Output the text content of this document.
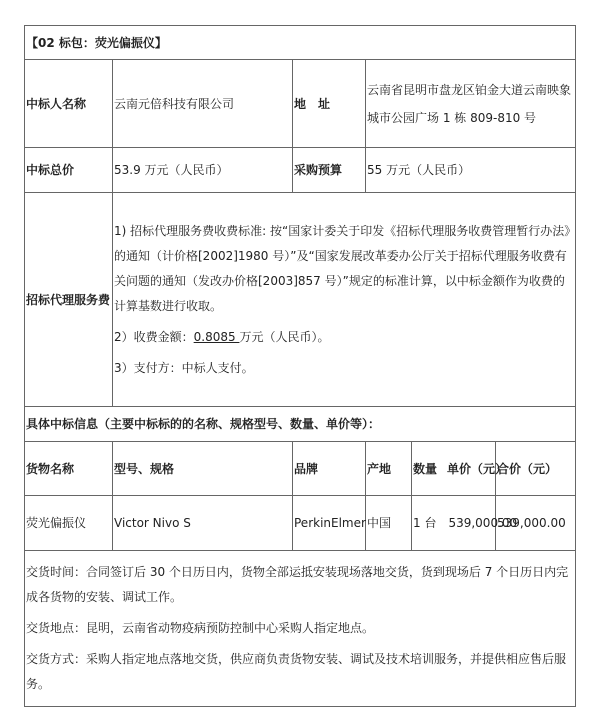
【02 标包：荧光偏振仪】					
中标人名称	云南元倍科技有限公司	地　址	云南省昆明市盘龙区铂金大道云南映象城市公园广场 1 栋 809-810 号		
中标总价	53.9 万元（人民币）	采购预算	55 万元（人民币）		
招标代理服务费	1) 招标代理服务费收费标准: 按“国家计委关于印发《招标代理服务收费管理暂行办法》的通知（计价格[2002]1980 号）”及“国家发展改革委办公厅关于招标代理服务收费有关问题的通知（发改办价格[2003]857 号）”规定的标准计算，以中标金额作为收费的计算基数进行收取。

2）收费金额：0.8085 万元（人民币）。

3）支付方：中标人支付。				

具体中标信息（主要中标标的的名称、规格型号、数量、单价等）：					
货物名称	型号、规格	品牌	产地	数量 单价（元）	合价（元）
荧光偏振仪	Victor Nivo S	PerkinElmer	中国	1 台 539,000.00	539,000.00

交货时间：合同签订后 30 个日历日内，货物全部运抵安装现场落地交货，货到现场后 7 个日历日内完成各货物的安装、调试工作。

交货地点：昆明，云南省动物疫病预防控制中心采购人指定地点。

交货方式：采购人指定地点落地交货，供应商负责货物安装、调试及技术培训服务，并提供相应售后服务。					
